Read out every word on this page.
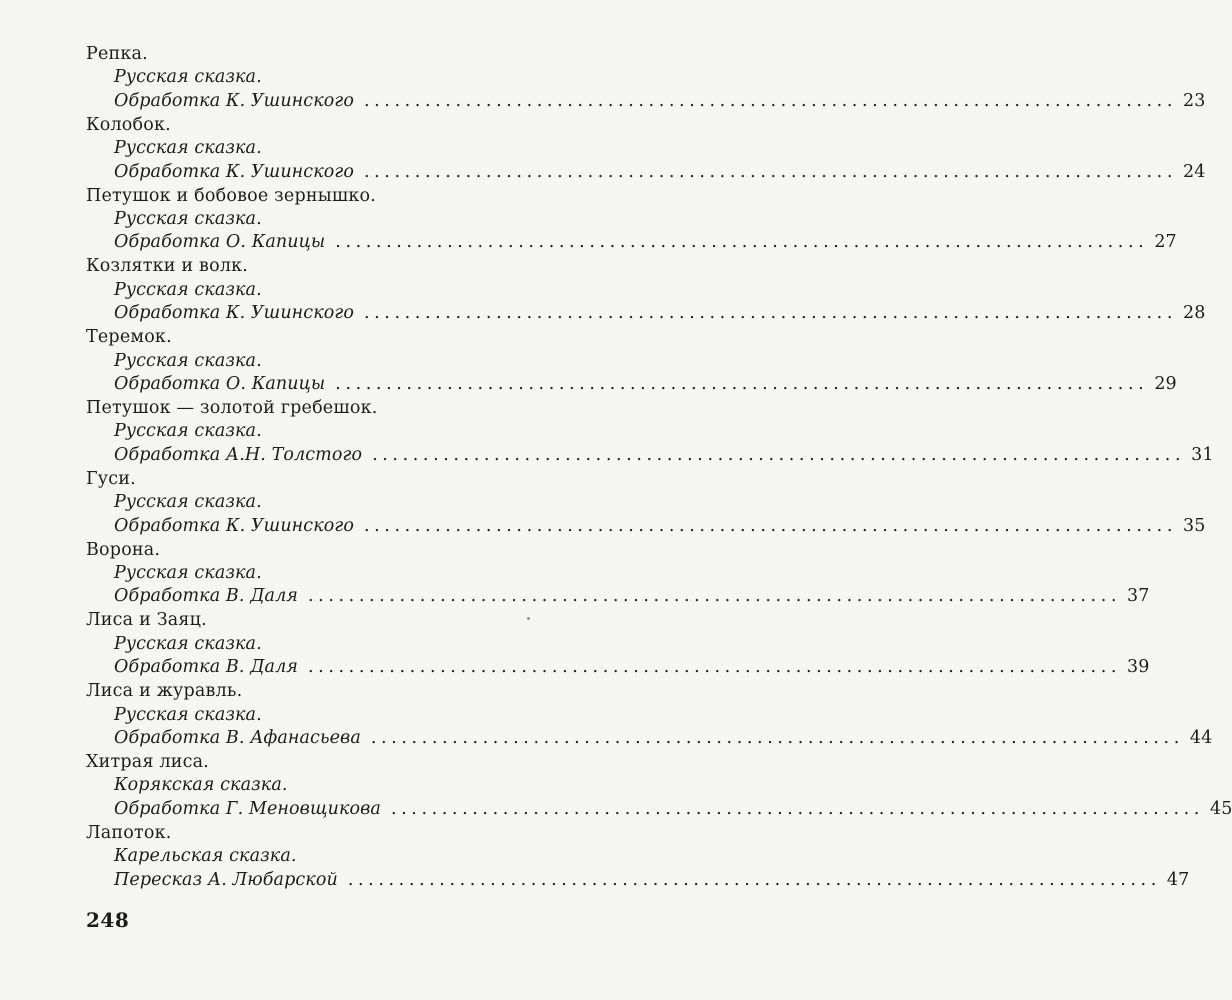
Репка.
Русская сказка.
Обработка К. Ушинского ................................................................................ 23
Колобок.
Русская сказка.
Обработка К. Ушинского ................................................................................ 24
Петушок и бобовое зернышко.
Русская сказка.
Обработка О. Капицы ................................................................................ 27
Козлятки и волк.
Русская сказка.
Обработка К. Ушинского ................................................................................ 28
Теремок.
Русская сказка.
Обработка О. Капицы ................................................................................ 29
Петушок — золотой гребешок.
Русская сказка.
Обработка А.Н. Толстого ................................................................................ 31
Гуси.
Русская сказка.
Обработка К. Ушинского ................................................................................ 35
Ворона.
Русская сказка.
Обработка В. Даля ................................................................................ 37
Лиса и Заяц.
Русская сказка.
Обработка В. Даля ................................................................................ 39
Лиса и журавль.
Русская сказка.
Обработка В. Афанасьева ................................................................................ 44
Хитрая лиса.
Корякская сказка.
Обработка Г. Меновщикова ................................................................................ 45
Лапоток.
Карельская сказка.
Пересказ А. Любарской ................................................................................ 47
248
